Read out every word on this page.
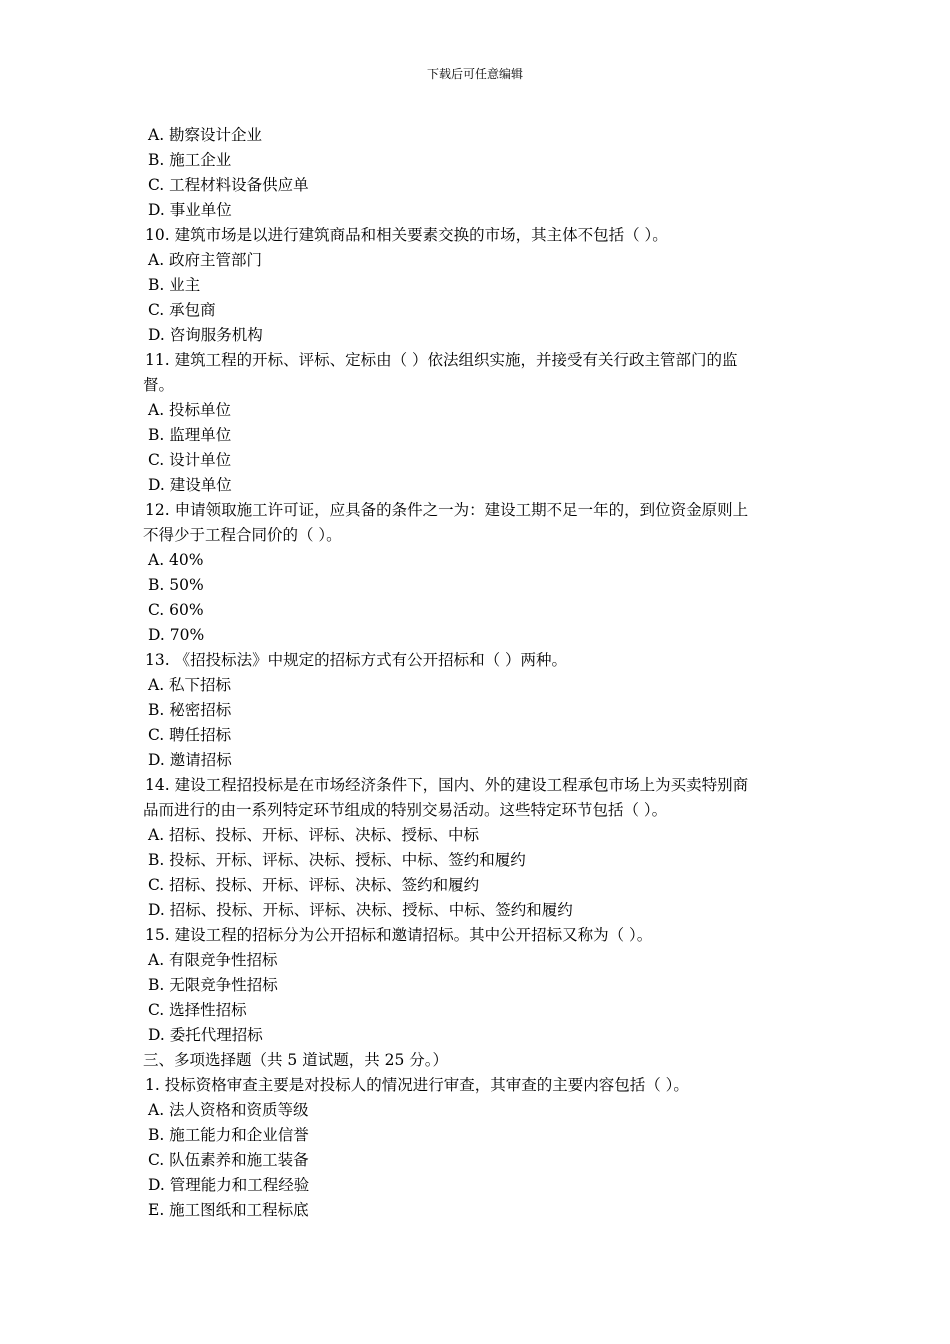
下载后可任意编辑
A. 勘察设计企业
B. 施工企业
C. 工程材料设备供应单
D. 事业单位
10. 建筑市场是以进行建筑商品和相关要素交换的市场，其主体不包括（ ）。
A. 政府主管部门
B. 业主
C. 承包商
D. 咨询服务机构
11. 建筑工程的开标、评标、定标由（ ）依法组织实施，并接受有关行政主管部门的监
督。
A. 投标单位
B. 监理单位
C. 设计单位
D. 建设单位
12. 申请领取施工许可证，应具备的条件之一为：建设工期不足一年的，到位资金原则上
不得少于工程合同价的（ ）。
A. 40%
B. 50%
C. 60%
D. 70%
13. 《招投标法》中规定的招标方式有公开招标和（ ）两种。
A. 私下招标
B. 秘密招标
C. 聘任招标
D. 邀请招标
14. 建设工程招投标是在市场经济条件下，国内、外的建设工程承包市场上为买卖特别商
品而进行的由一系列特定环节组成的特别交易活动。这些特定环节包括（ ）。
A. 招标、投标、开标、评标、决标、授标、中标
B. 投标、开标、评标、决标、授标、中标、签约和履约
C. 招标、投标、开标、评标、决标、签约和履约
D. 招标、投标、开标、评标、决标、授标、中标、签约和履约
15. 建设工程的招标分为公开招标和邀请招标。其中公开招标又称为（ ）。
A. 有限竞争性招标
B. 无限竞争性招标
C. 选择性招标
D. 委托代理招标
三、多项选择题（共 5 道试题，共 25 分。）
1. 投标资格审查主要是对投标人的情况进行审查，其审查的主要内容包括（ ）。
A. 法人资格和资质等级
B. 施工能力和企业信誉
C. 队伍素养和施工装备
D. 管理能力和工程经验
E. 施工图纸和工程标底
